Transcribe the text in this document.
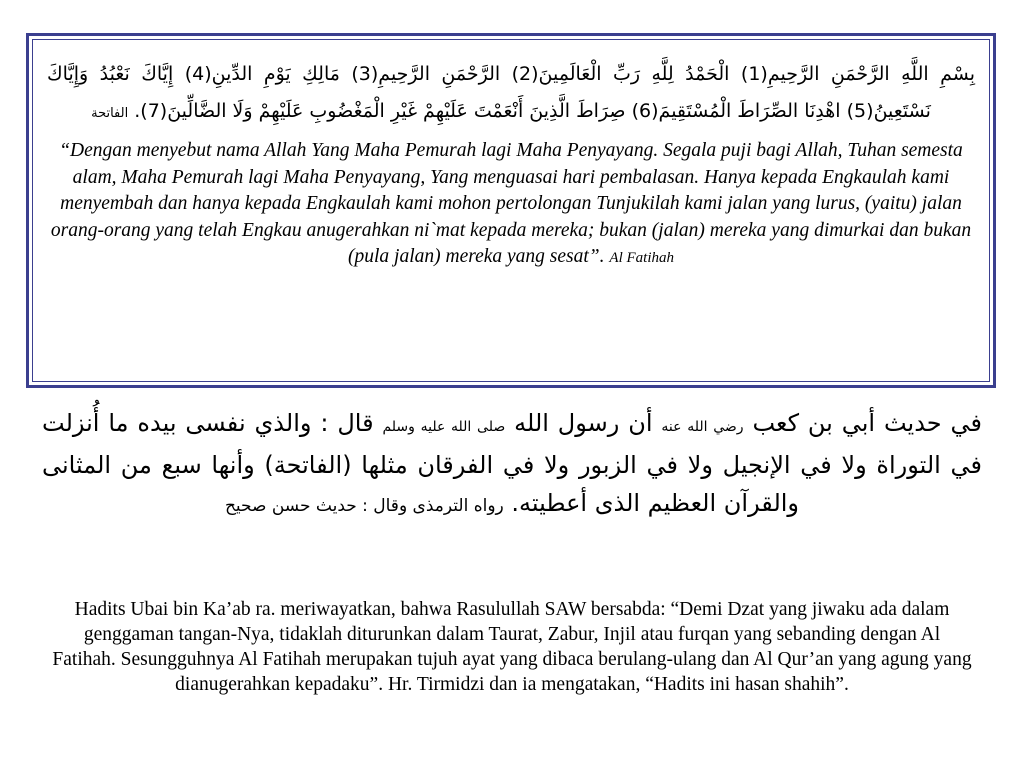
بِسْمِ اللَّهِ الرَّحْمَنِ الرَّحِيمِ(1) الْحَمْدُ لِلَّهِ رَبِّ الْعَالَمِينَ(2) الرَّحْمَنِ الرَّحِيمِ(3) مَالِكِ يَوْمِ الدِّينِ(4) إِيَّاكَ نَعْبُدُ وَإِيَّاكَ نَسْتَعِينُ(5) اهْدِنَا الصِّرَاطَ الْمُسْتَقِيمَ(6) صِرَاطَ الَّذِينَ أَنْعَمْتَ عَلَيْهِمْ غَيْرِ الْمَغْضُوبِ عَلَيْهِمْ وَلَا الضَّالِّينَ(7). الفاتحة

“Dengan menyebut nama Allah Yang Maha Pemurah lagi Maha Penyayang. Segala puji bagi Allah, Tuhan semesta alam, Maha Pemurah lagi Maha Penyayang, Yang menguasai hari pembalasan. Hanya kepada Engkaulah kami menyembah dan hanya kepada Engkaulah kami mohon pertolongan Tunjukilah kami jalan yang lurus, (yaitu) jalan orang-orang yang telah Engkau anugerahkan ni`mat kepada mereka; bukan (jalan) mereka yang dimurkai dan bukan (pula jalan) mereka yang sesat”. Al Fatihah

في حديث أبي بن كعب رضي الله عنه أن رسول الله صلى الله عليه وسلم قال : والذي نفسى بيده ما أُنزلت في التوراة ولا في الإنجيل ولا في الزبور ولا في الفرقان مثلها (الفاتحة) وأنها سبع من المثانى والقرآن العظيم الذى أعطيته. رواه الترمذى وقال : حديث حسن صحيح

Hadits Ubai bin Ka’ab ra. meriwayatkan, bahwa Rasulullah SAW bersabda: “Demi Dzat yang jiwaku ada dalam genggaman tangan-Nya, tidaklah diturunkan dalam Taurat, Zabur, Injil atau furqan yang sebanding dengan Al Fatihah. Sesungguhnya Al Fatihah merupakan tujuh ayat yang dibaca berulang-ulang dan Al Qur’an yang agung yang dianugerahkan kepadaku”. Hr. Tirmidzi dan ia mengatakan, “Hadits ini hasan shahih”.
